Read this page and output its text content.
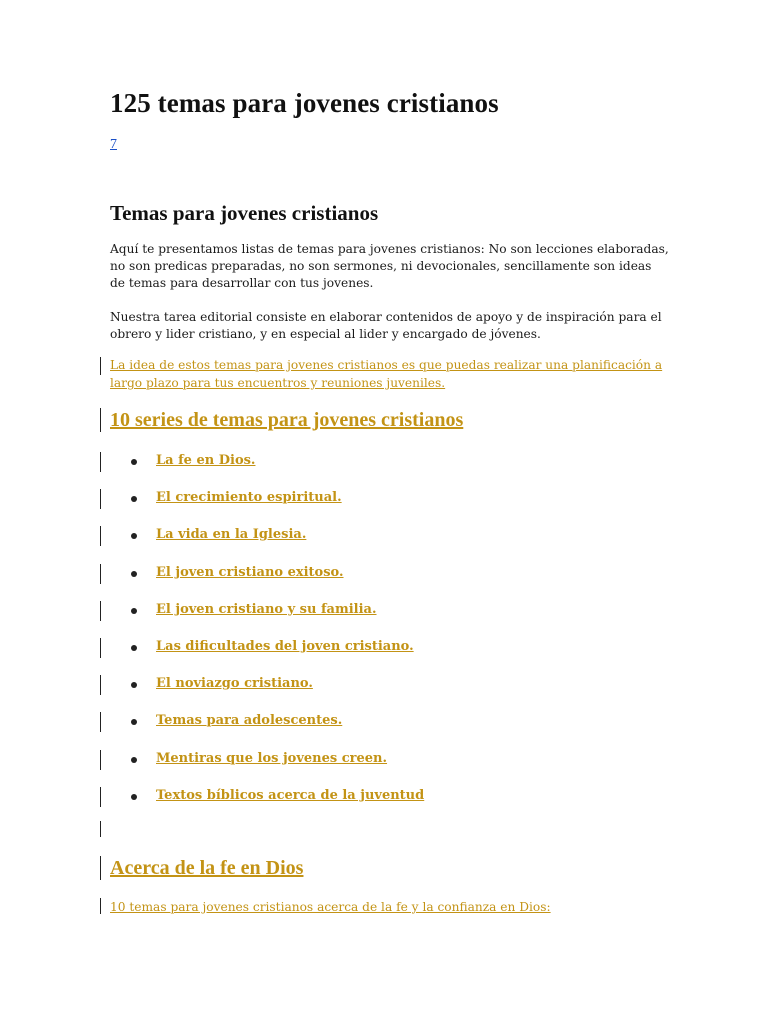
125 temas para jovenes cristianos
7
Temas para jovenes cristianos
Aquí te presentamos listas de temas para jovenes cristianos: No son lecciones elaboradas, no son predicas preparadas, no son sermones, ni devocionales, sencillamente son ideas de temas para desarrollar con tus jovenes.
Nuestra tarea editorial consiste en elaborar contenidos de apoyo y de inspiración para el obrero y lider cristiano, y en especial al lider y encargado de jóvenes.
La idea de estos temas para jovenes cristianos es que puedas realizar una planificación a largo plazo para tus encuentros y reuniones juveniles.
10 series de temas para jovenes cristianos
La fe en Dios.
El crecimiento espiritual.
La vida en la Iglesia.
El joven cristiano exitoso.
El joven cristiano y su familia.
Las dificultades del joven cristiano.
El noviazgo cristiano.
Temas para adolescentes.
Mentiras que los jovenes creen.
Textos bíblicos acerca de la juventud
Acerca de la fe en Dios
10 temas para jovenes cristianos acerca de la fe y la confianza en Dios:
